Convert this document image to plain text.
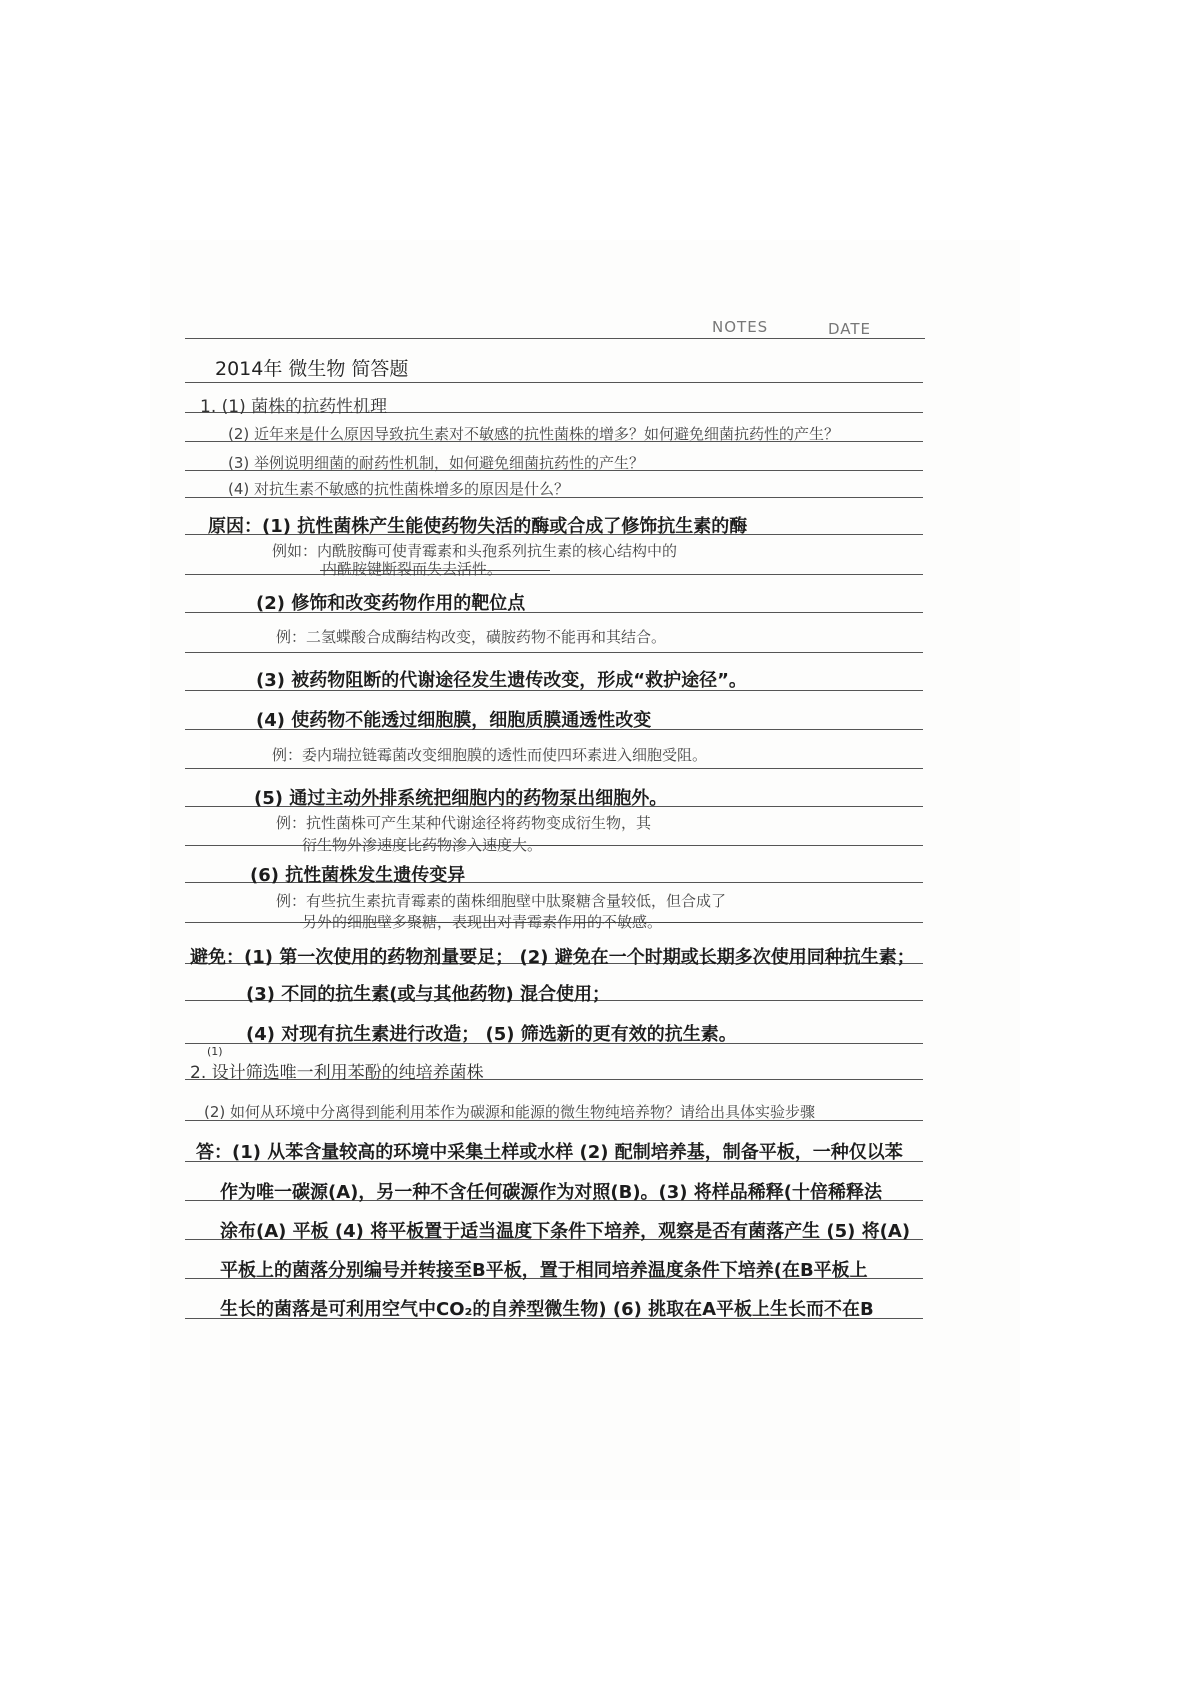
NOTES	DATE
2014年 微生物 简答题
1. (1) 菌株的抗药性机理
(2) 近年来是什么原因导致抗生素对不敏感的抗性菌株的增多？如何避免细菌抗药性的产生？
(3) 举例说明细菌的耐药性机制，如何避免细菌抗药性的产生？
(4) 对抗生素不敏感的抗性菌株增多的原因是什么？
原因：(1) 抗性菌株产生能使药物失活的酶或合成了修饰抗生素的酶
例如：内酰胺酶可使青霉素和头孢系列抗生素的核心结构中的
内酰胺键断裂而失去活性。
(2) 修饰和改变药物作用的靶位点
例：二氢蝶酸合成酶结构改变，磺胺药物不能再和其结合。
(3) 被药物阻断的代谢途径发生遗传改变，形成“救护途径”。
(4) 使药物不能透过细胞膜，细胞质膜通透性改变
例：委内瑞拉链霉菌改变细胞膜的透性而使四环素进入细胞受阻。
(5) 通过主动外排系统把细胞内的药物泵出细胞外。
例：抗性菌株可产生某种代谢途径将药物变成衍生物，其
衍生物外渗速度比药物渗入速度大。
(6) 抗性菌株发生遗传变异
例：有些抗生素抗青霉素的菌株细胞壁中肽聚糖含量较低，但合成了
另外的细胞壁多聚糖，表现出对青霉素作用的不敏感。
避免：(1) 第一次使用的药物剂量要足； (2) 避免在一个时期或长期多次使用同种抗生素；
(3) 不同的抗生素(或与其他药物) 混合使用；
(4) 对现有抗生素进行改造； (5) 筛选新的更有效的抗生素。
(1)
2. 设计筛选唯一利用苯酚的纯培养菌株
(2) 如何从环境中分离得到能利用苯作为碳源和能源的微生物纯培养物？请给出具体实验步骤
答：(1) 从苯含量较高的环境中采集土样或水样 (2) 配制培养基，制备平板，一种仅以苯
作为唯一碳源(A)，另一种不含任何碳源作为对照(B)。(3) 将样品稀释(十倍稀释法
涂布(A) 平板 (4) 将平板置于适当温度下条件下培养，观察是否有菌落产生 (5) 将(A)
平板上的菌落分别编号并转接至B平板，置于相同培养温度条件下培养(在B平板上
生长的菌落是可利用空气中CO₂的自养型微生物) (6) 挑取在A平板上生长而不在B
